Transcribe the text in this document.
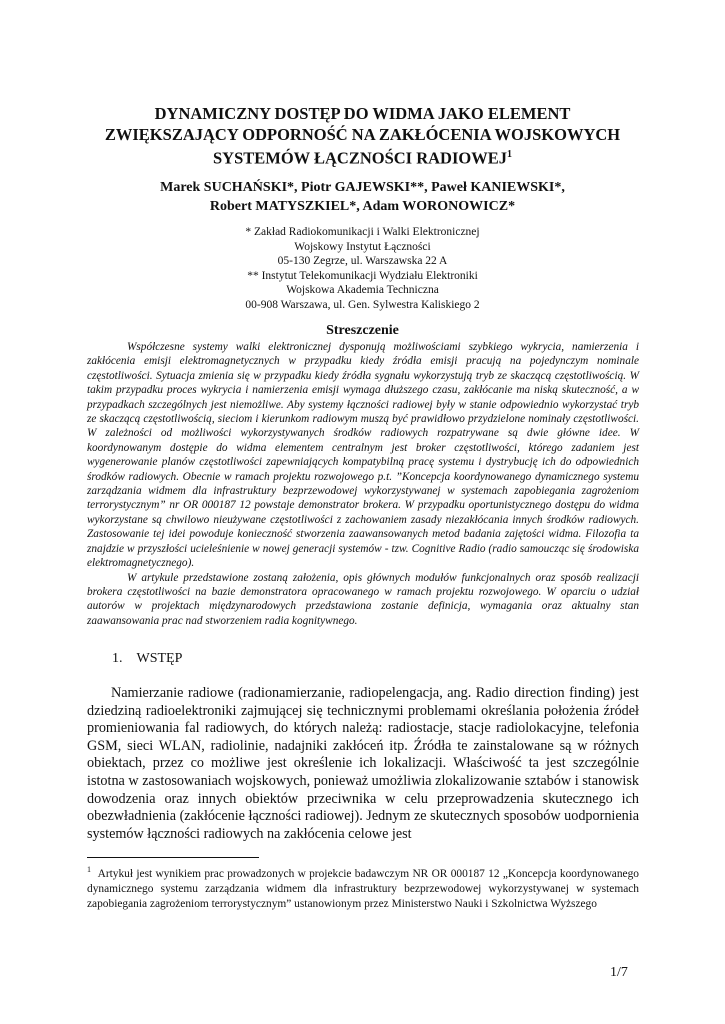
DYNAMICZNY DOSTĘP DO WIDMA JAKO ELEMENT

ZWIĘKSZAJĄCY ODPORNOŚĆ NA ZAKŁÓCENIA WOJSKOWYCH

SYSTEMÓW ŁĄCZNOŚCI RADIOWEJ$^1$

Marek SUCHAŃSKI*, Piotr GAJEWSKI**, Paweł KANIEWSKI*,

Robert MATYSZKIEL*, Adam WORONOWICZ*

* Zakład Radiokomunikacji i Walki Elektronicznej

Wojskowy Instytut Łączności

05-130 Zegrze, ul. Warszawska 22 A

** Instytut Telekomunikacji Wydziału Elektroniki

Wojskowa Akademia Techniczna

00-908 Warszawa, ul. Gen. Sylwestra Kaliskiego 2

Streszczenie

Współczesne systemy walki elektronicznej dysponują możliwościami szybkiego wykrycia, namierzenia i zakłócenia emisji elektromagnetycznych w przypadku kiedy źródła emisji pracują na pojedynczym nominale częstotliwości. Sytuacja zmienia się w przypadku kiedy źródła sygnału wykorzystują tryb ze skaczącą częstotliwością. W takim przypadku proces wykrycia i namierzenia emisji wymaga dłuższego czasu, zakłócanie ma niską skuteczność, a w przypadkach szczególnych jest niemożliwe. Aby systemy łączności radiowej były w stanie odpowiednio wykorzystać tryb ze skaczącą częstotliwością, sieciom i kierunkom radiowym muszą być prawidłowo przydzielone nominały częstotliwości. W zależności od możliwości wykorzystywanych środków radiowych rozpatrywane są dwie główne idee. W koordynowanym dostępie do widma elementem centralnym jest broker częstotliwości, którego zadaniem jest wygenerowanie planów częstotliwości zapewniających kompatybilną pracę systemu i dystrybucję ich do odpowiednich środków radiowych. Obecnie w ramach projektu rozwojowego p.t. ”Koncepcja koordynowanego dynamicznego systemu zarządzania widmem dla infrastruktury bezprzewodowej wykorzystywanej w systemach zapobiegania zagrożeniom terrorystycznym” nr OR 000187 12 powstaje demonstrator brokera. W przypadku oportunistycznego dostępu do widma wykorzystane są chwilowo nieużywane częstotliwości z zachowaniem zasady niezakłócania innych środków radiowych. Zastosowanie tej idei powoduje konieczność stworzenia zaawansowanych metod badania zajętości widma. Filozofia ta znajdzie w przyszłości ucieleśnienie w nowej generacji systemów - tzw. Cognitive Radio (radio samoucząc się środowiska elektromagnetycznego).

W artykule przedstawione zostaną założenia, opis głównych modułów funkcjonalnych oraz sposób realizacji brokera częstotliwości na bazie demonstratora opracowanego w ramach projektu rozwojowego. W oparciu o udział autorów w projektach międzynarodowych przedstawiona zostanie definicja, wymagania oraz aktualny stan zaawansowania prac nad stworzeniem radia kognitywnego.

1. WSTĘP

Namierzanie radiowe (radionamierzanie, radiopelengacja, ang. Radio direction finding) jest dziedziną radioelektroniki zajmującej się technicznymi problemami określania położenia źródeł promieniowania fal radiowych, do których należą: radiostacje, stacje radiolokacyjne, telefonia GSM, sieci WLAN, radiolinie, nadajniki zakłóceń itp. Źródła te zainstalowane są w różnych obiektach, przez co możliwe jest określenie ich lokalizacji. Właściwość ta jest szczególnie istotna w zastosowaniach wojskowych, ponieważ umożliwia zlokalizowanie sztabów i stanowisk dowodzenia oraz innych obiektów przeciwnika w celu przeprowadzenia skutecznego ich obezwładnienia (zakłócenie łączności radiowej). Jednym ze skutecznych sposobów uodpornienia systemów łączności radiowych na zakłócenia celowe jest

$^1$ Artykuł jest wynikiem prac prowadzonych w projekcie badawczym NR OR 000187 12 „Koncepcja koordynowanego dynamicznego systemu zarządzania widmem dla infrastruktury bezprzewodowej wykorzystywanej w systemach zapobiegania zagrożeniom terrorystycznym” ustanowionym przez Ministerstwo Nauki i Szkolnictwa Wyższego

1/7
